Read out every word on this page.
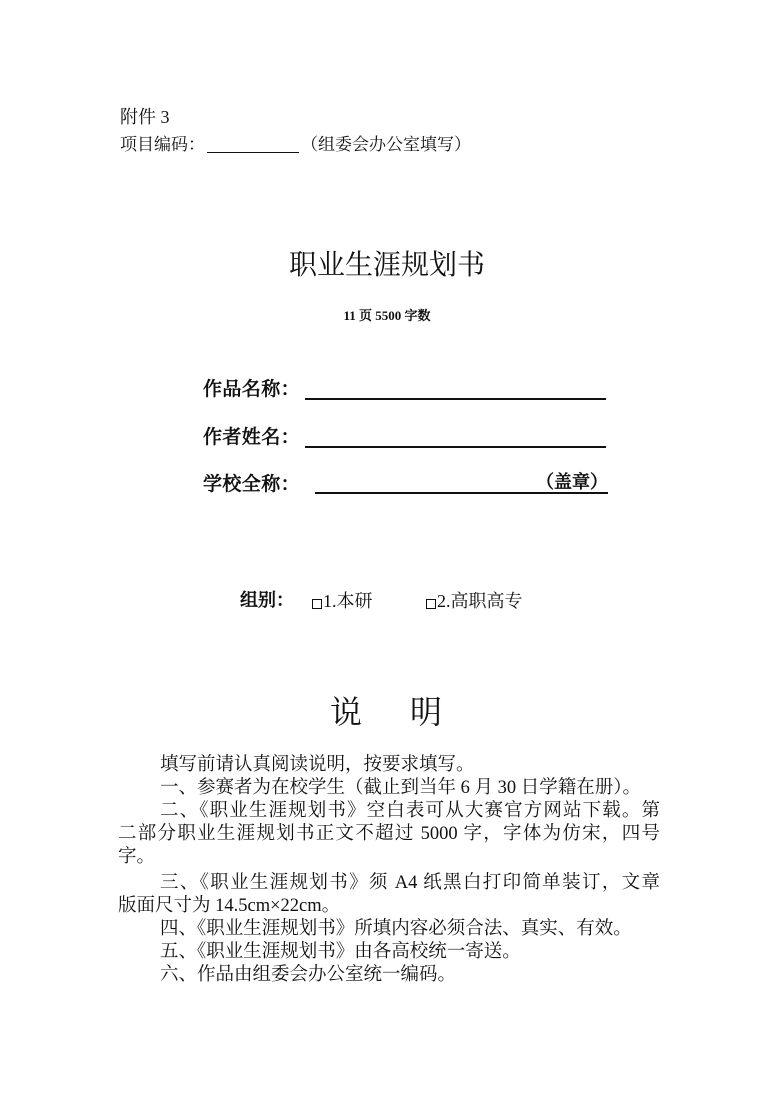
附件 3
项目编码：	（组委会办公室填写）
职业生涯规划书
11 页 5500 字数
作品名称：
作者姓名：
学校全称：	（盖章）
组别： 1.本研	2.高职高专
说明
填写前请认真阅读说明，按要求填写。
一、参赛者为在校学生（截止到当年 6 月 30 日学籍在册）。
二、《职业生涯规划书》空白表可从大赛官方网站下载。第
二部分职业生涯规划书正文不超过 5000 字，字体为仿宋，四号
字。
三、《职业生涯规划书》须 A4 纸黑白打印简单装订，文章
版面尺寸为 14.5cm×22cm。
四、《职业生涯规划书》所填内容必须合法、真实、有效。
五、《职业生涯规划书》由各高校统一寄送。
六、作品由组委会办公室统一编码。
